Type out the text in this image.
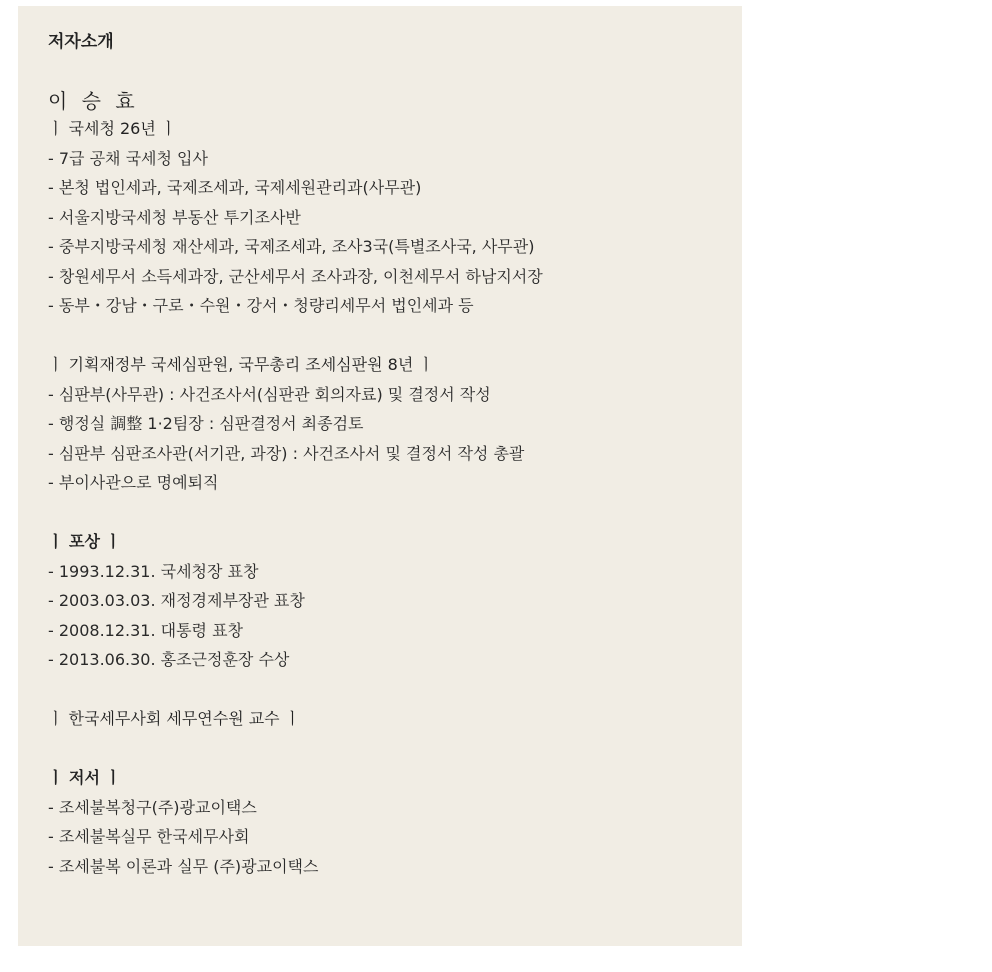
저자소개
이 승 효
ㅣ 국세청 26년 ㅣ
- 7급 공채 국세청 입사
- 본청 법인세과, 국제조세과, 국제세원관리과(사무관)
- 서울지방국세청 부동산 투기조사반
- 중부지방국세청 재산세과, 국제조세과, 조사3국(특별조사국, 사무관)
- 창원세무서 소득세과장, 군산세무서 조사과장, 이천세무서 하남지서장
- 동부・강남・구로・수원・강서・청량리세무서 법인세과 등
ㅣ 기획재정부 국세심판원, 국무총리 조세심판원 8년 ㅣ
- 심판부(사무관) : 사건조사서(심판관 회의자료) 및 결정서 작성
- 행정실 調整 1·2팀장 : 심판결정서 최종검토
- 심판부 심판조사관(서기관, 과장) : 사건조사서 및 결정서 작성 총괄
- 부이사관으로 명예퇴직
ㅣ 포상 ㅣ
- 1993.12.31. 국세청장 표창
- 2003.03.03. 재정경제부장관 표창
- 2008.12.31. 대통령 표창
- 2013.06.30. 홍조근정훈장 수상
ㅣ 한국세무사회 세무연수원 교수 ㅣ
ㅣ 저서 ㅣ
- 조세불복청구(주)광교이택스
- 조세불복실무 한국세무사회
- 조세불복 이론과 실무 (주)광교이택스
